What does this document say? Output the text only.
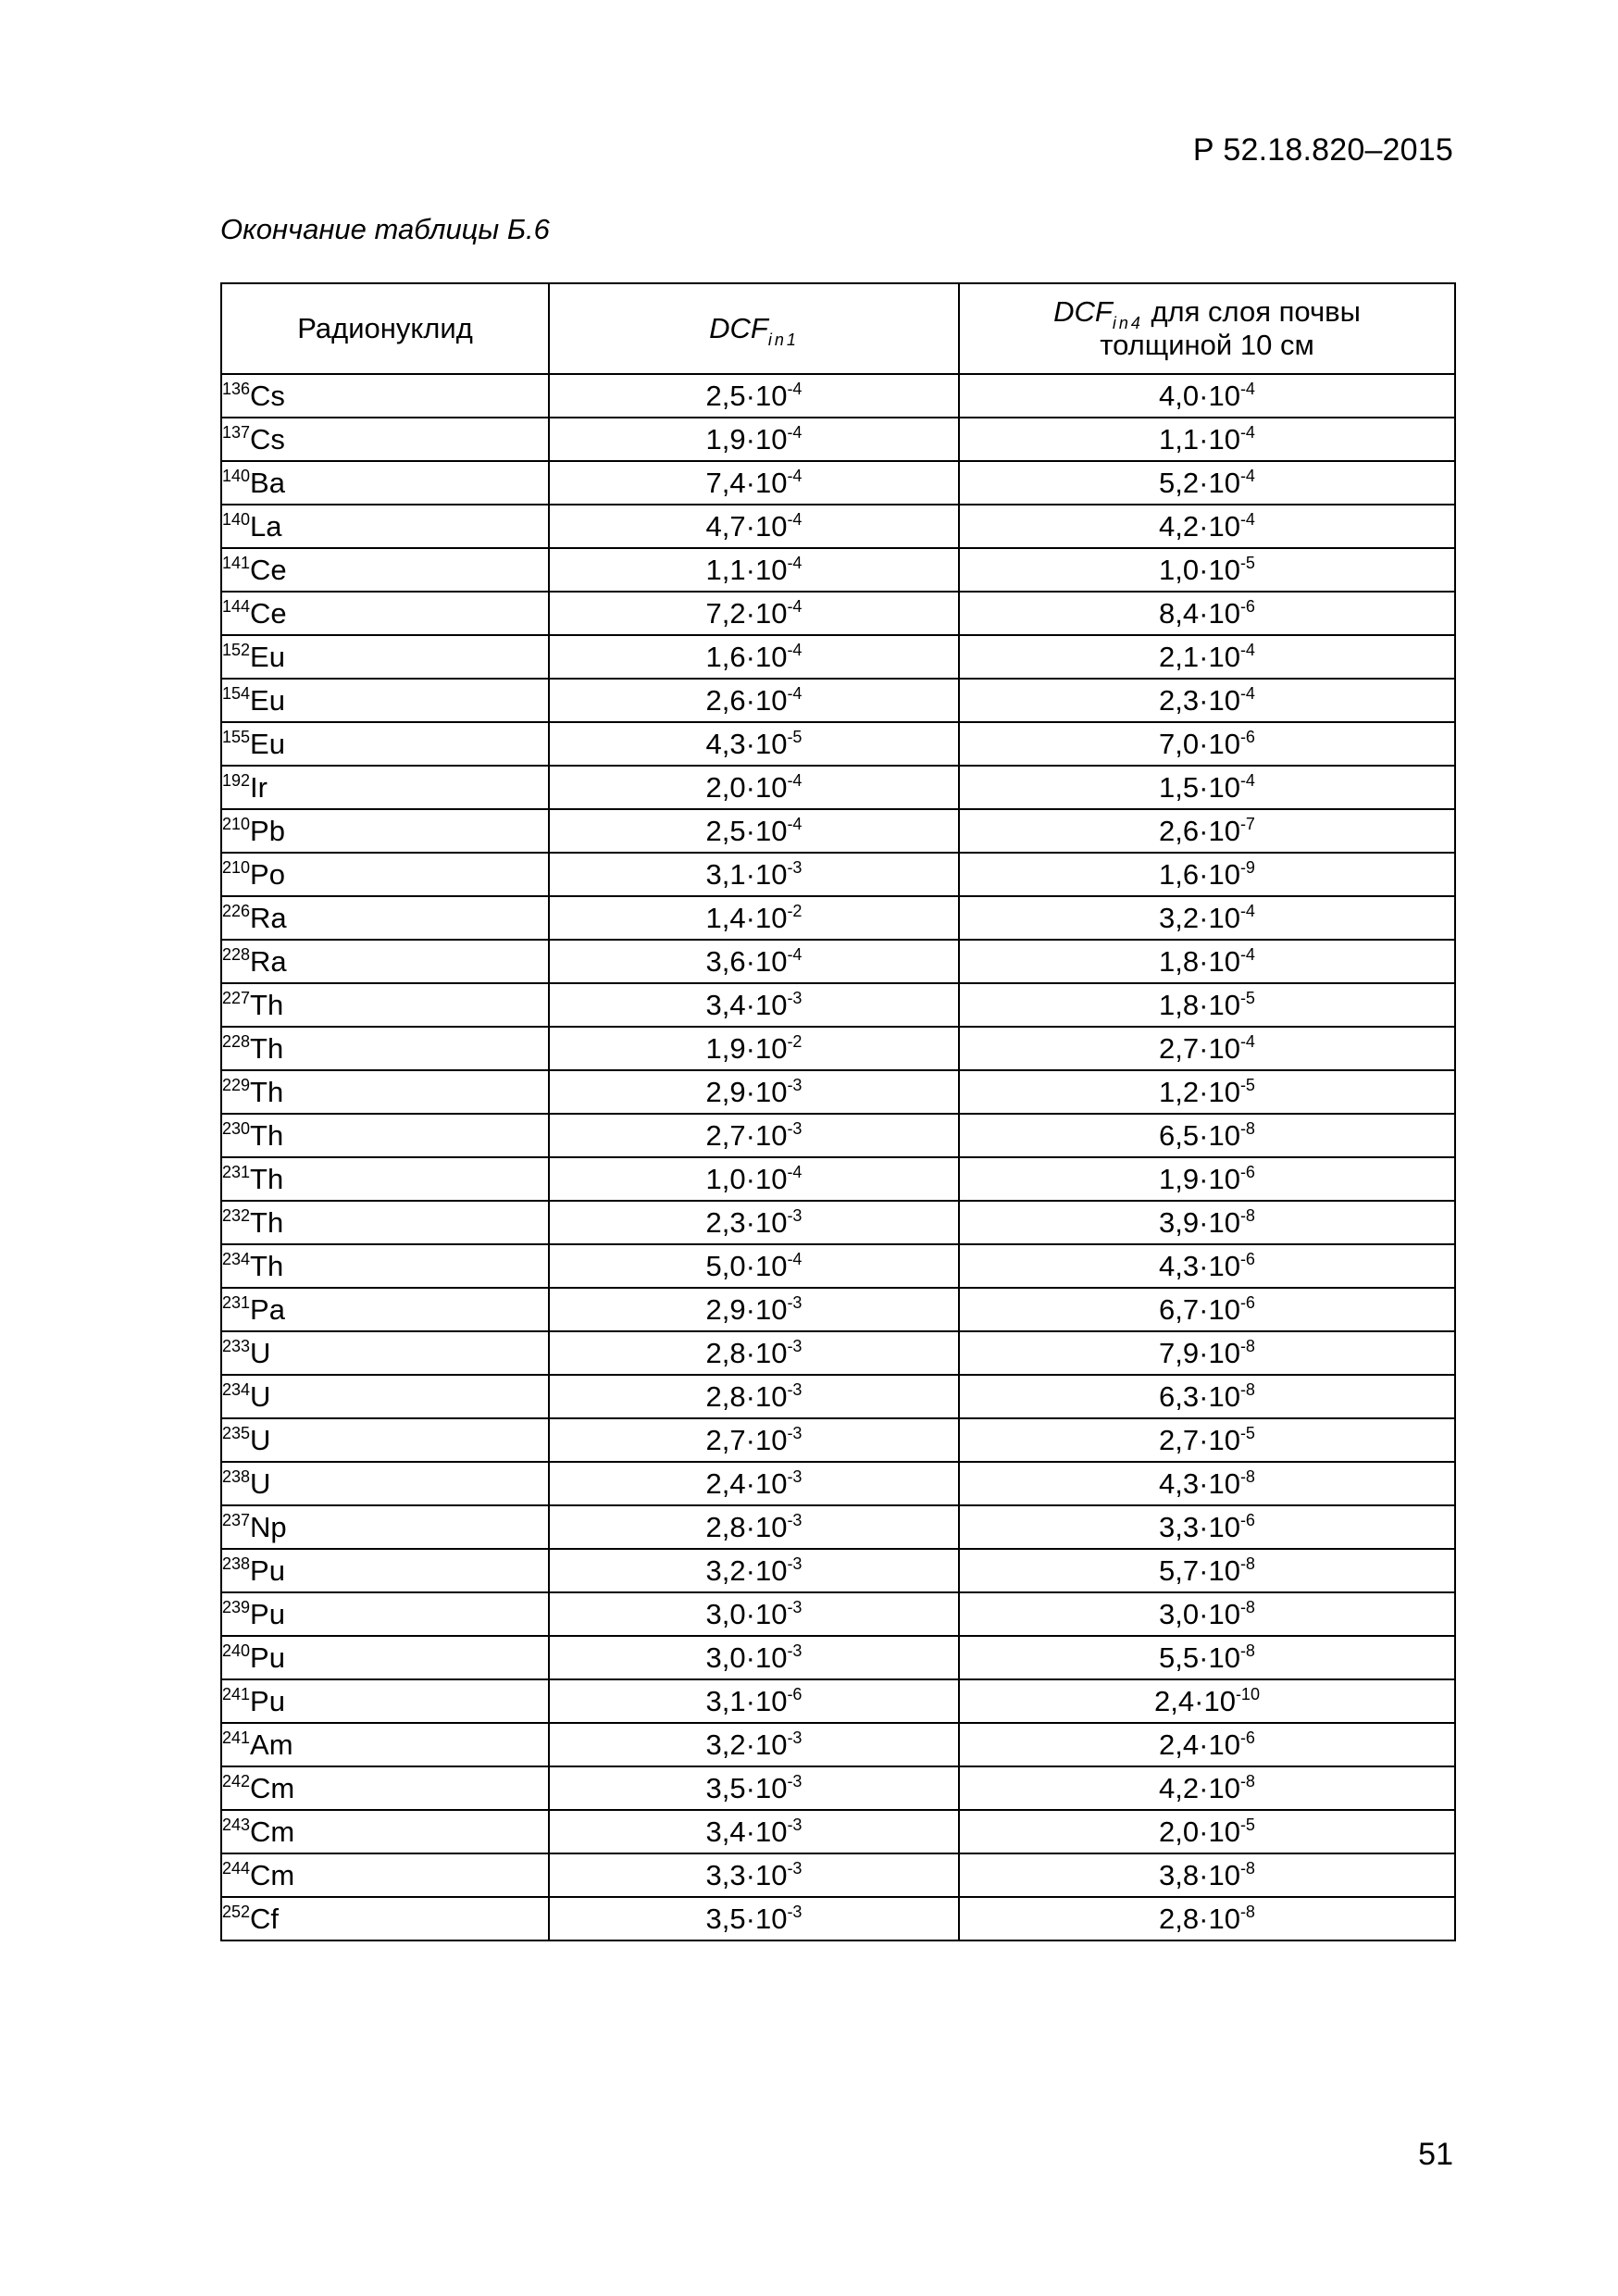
Р 52.18.820–2015
Окончание таблицы Б.6
Радионуклид	$DCF_{in1}$	$DCF_{in4}$ для слоя почвы
толщиной 10 см
$^{136}$Cs	$2,5\cdot 10^{-4}$	$4,0\cdot 10^{-4}$
$^{137}$Cs	$1,9\cdot 10^{-4}$	$1,1\cdot 10^{-4}$
$^{140}$Ba	$7,4\cdot 10^{-4}$	$5,2\cdot 10^{-4}$
$^{140}$La	$4,7\cdot 10^{-4}$	$4,2\cdot 10^{-4}$
$^{141}$Ce	$1,1\cdot 10^{-4}$	$1,0\cdot 10^{-5}$
$^{144}$Ce	$7,2\cdot 10^{-4}$	$8,4\cdot 10^{-6}$
$^{152}$Eu	$1,6\cdot 10^{-4}$	$2,1\cdot 10^{-4}$
$^{154}$Eu	$2,6\cdot 10^{-4}$	$2,3\cdot 10^{-4}$
$^{155}$Eu	$4,3\cdot 10^{-5}$	$7,0\cdot 10^{-6}$
$^{192}$Ir	$2,0\cdot 10^{-4}$	$1,5\cdot 10^{-4}$
$^{210}$Pb	$2,5\cdot 10^{-4}$	$2,6\cdot 10^{-7}$
$^{210}$Po	$3,1\cdot 10^{-3}$	$1,6\cdot 10^{-9}$
$^{226}$Ra	$1,4\cdot 10^{-2}$	$3,2\cdot 10^{-4}$
$^{228}$Ra	$3,6\cdot 10^{-4}$	$1,8\cdot 10^{-4}$
$^{227}$Th	$3,4\cdot 10^{-3}$	$1,8\cdot 10^{-5}$
$^{228}$Th	$1,9\cdot 10^{-2}$	$2,7\cdot 10^{-4}$
$^{229}$Th	$2,9\cdot 10^{-3}$	$1,2\cdot 10^{-5}$
$^{230}$Th	$2,7\cdot 10^{-3}$	$6,5\cdot 10^{-8}$
$^{231}$Th	$1,0\cdot 10^{-4}$	$1,9\cdot 10^{-6}$
$^{232}$Th	$2,3\cdot 10^{-3}$	$3,9\cdot 10^{-8}$
$^{234}$Th	$5,0\cdot 10^{-4}$	$4,3\cdot 10^{-6}$
$^{231}$Pa	$2,9\cdot 10^{-3}$	$6,7\cdot 10^{-6}$
$^{233}$U	$2,8\cdot 10^{-3}$	$7,9\cdot 10^{-8}$
$^{234}$U	$2,8\cdot 10^{-3}$	$6,3\cdot 10^{-8}$
$^{235}$U	$2,7\cdot 10^{-3}$	$2,7\cdot 10^{-5}$
$^{238}$U	$2,4\cdot 10^{-3}$	$4,3\cdot 10^{-8}$
$^{237}$Np	$2,8\cdot 10^{-3}$	$3,3\cdot 10^{-6}$
$^{238}$Pu	$3,2\cdot 10^{-3}$	$5,7\cdot 10^{-8}$
$^{239}$Pu	$3,0\cdot 10^{-3}$	$3,0\cdot 10^{-8}$
$^{240}$Pu	$3,0\cdot 10^{-3}$	$5,5\cdot 10^{-8}$
$^{241}$Pu	$3,1\cdot 10^{-6}$	$2,4\cdot 10^{-10}$
$^{241}$Am	$3,2\cdot 10^{-3}$	$2,4\cdot 10^{-6}$
$^{242}$Cm	$3,5\cdot 10^{-3}$	$4,2\cdot 10^{-8}$
$^{243}$Cm	$3,4\cdot 10^{-3}$	$2,0\cdot 10^{-5}$
$^{244}$Cm	$3,3\cdot 10^{-3}$	$3,8\cdot 10^{-8}$
$^{252}$Cf	$3,5\cdot 10^{-3}$	$2,8\cdot 10^{-8}$
51
